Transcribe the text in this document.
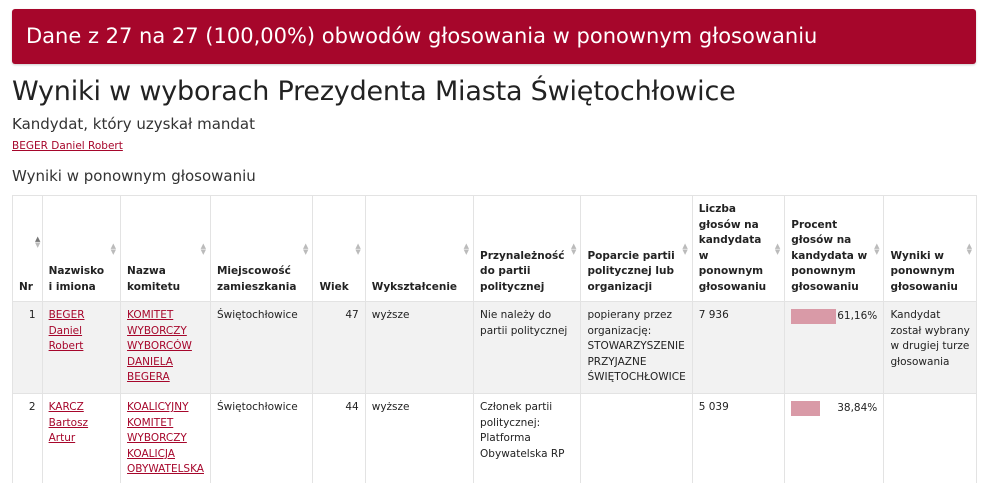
Dane z 27 na 27 (100,00%) obwodów głosowania w ponownym głosowaniu
Wyniki w wyborach Prezydenta Miasta Świętochłowice
Kandydat, który uzyskał mandat
BEGER Daniel Robert
Wyniki w ponownym głosowaniu
▲
▼
Nr	Nazwisko i imiona
▲
▼	Nazwa komitetu
▲
▼	Miejscowość zamieszkania
▲
▼	Wiek
▲
▼	Wykształcenie
▲
▼	Przynależność do partii politycznej
▲
▼	Poparcie partii politycznej lub organizacji
▲
▼	Liczba głosów na kandydata w ponownym głosowaniu
▲
▼	Procent głosów na kandydata w ponownym głosowaniu
▲
▼	Wyniki w ponownym głosowaniu
▲
▼

1	BEGER Daniel Robert	KOMITET WYBORCZY WYBORCÓW DANIELA BEGERA	Świętochłowice	47	wyższe	Nie należy do partii politycznej	popierany przez organizację: STOWARZYSZENIE PRZYJAZNE ŚWIĘTOCHŁOWICE	7 936	61,16%	Kandydat został wybrany w drugiej turze głosowania
2	KARCZ Bartosz Artur	KOALICYJNY KOMITET WYBORCZY KOALICJA OBYWATELSKA	Świętochłowice	44	wyższe	Członek partii politycznej: Platforma Obywatelska RP		5 039	38,84%	
